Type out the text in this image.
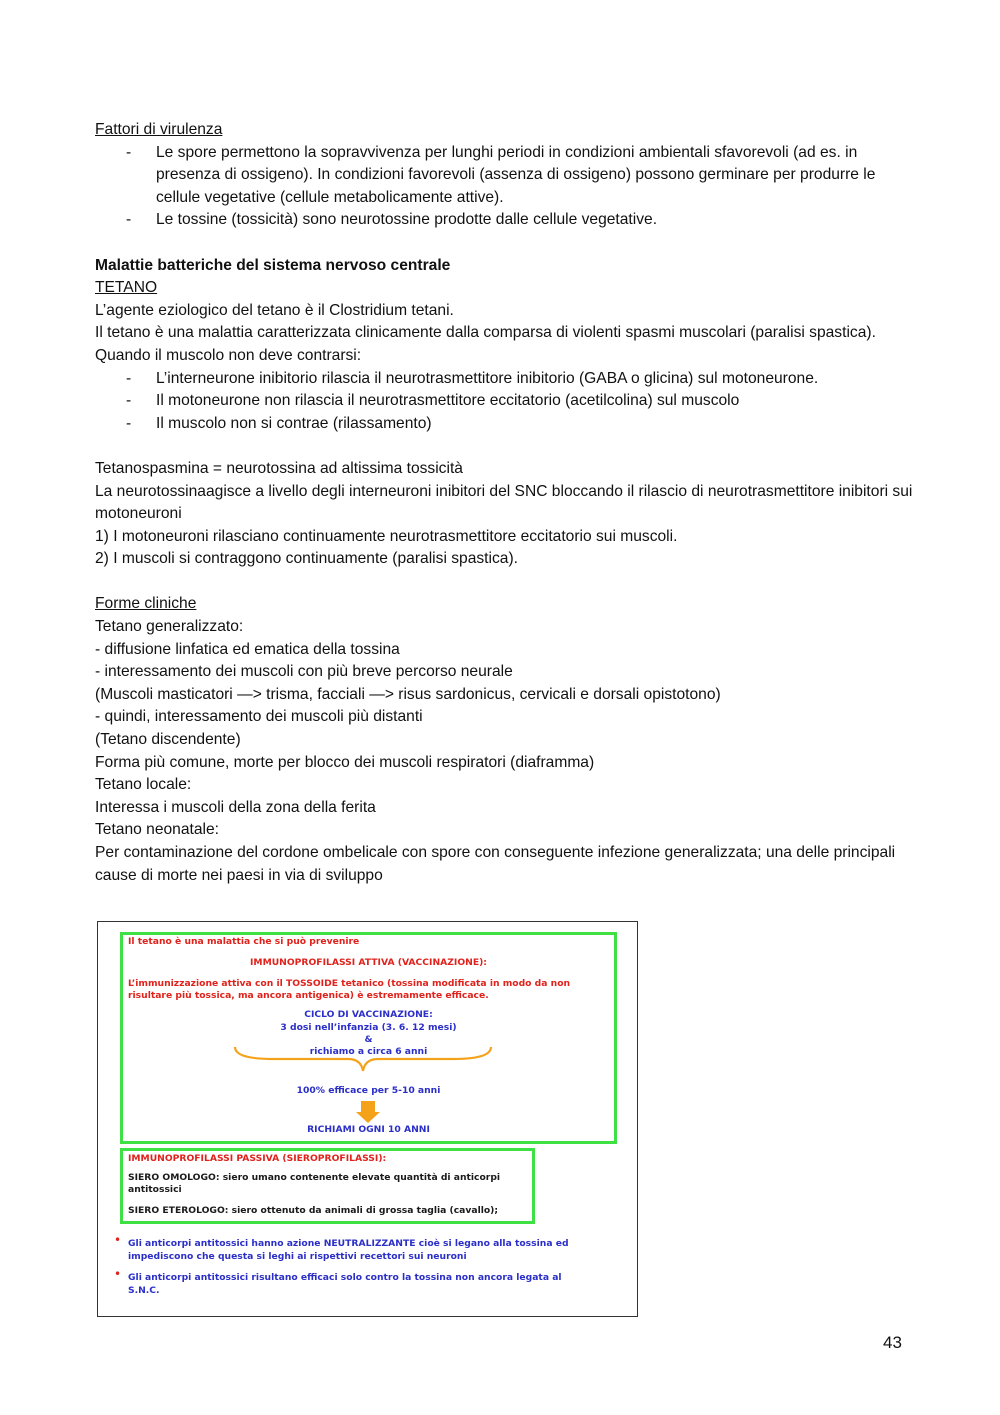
Fattori di virulenza

- Le spore permettono la sopravvivenza per lunghi periodi in condizioni ambientali sfavorevoli (ad es. in presenza di ossigeno). In condizioni favorevoli (assenza di ossigeno) possono germinare per produrre le cellule vegetative (cellule metabolicamente attive).
- Le tossine (tossicità) sono neurotossine prodotte dalle cellule vegetative.

Malattie batteriche del sistema nervoso centrale

TETANO

L’agente eziologico del tetano è il Clostridium tetani.

Il tetano è una malattia caratterizzata clinicamente dalla comparsa di violenti spasmi muscolari (paralisi spastica).

Quando il muscolo non deve contrarsi:

- L’interneurone inibitorio rilascia il neurotrasmettitore inibitorio (GABA o glicina) sul motoneurone.
- Il motoneurone non rilascia il neurotrasmettitore eccitatorio (acetilcolina) sul muscolo
- Il muscolo non si contrae (rilassamento)

Tetanospasmina = neurotossina ad altissima tossicità

La neurotossinaagisce a livello degli interneuroni inibitori del SNC bloccando il rilascio di neurotrasmettitore inibitori sui motoneuroni

1) I motoneuroni rilasciano continuamente neurotrasmettitore eccitatorio sui muscoli.

2) I muscoli si contraggono continuamente (paralisi spastica).

Forme cliniche

Tetano generalizzato:

- diffusione linfatica ed ematica della tossina

- interessamento dei muscoli con più breve percorso neurale

(Muscoli masticatori —> trisma, facciali —> risus sardonicus, cervicali e dorsali opistotono)

- quindi, interessamento dei muscoli più distanti

(Tetano discendente)

Forma più comune, morte per blocco dei muscoli respiratori (diaframma)

Tetano locale:

Interessa i muscoli della zona della ferita

Tetano neonatale:

Per contaminazione del cordone ombelicale con spore con conseguente infezione generalizzata; una delle principali cause di morte nei paesi in via di sviluppo

Il tetano è una malattia che si può prevenire
IMMUNOPROFILASSI ATTIVA (VACCINAZIONE):
L’immunizzazione attiva con il TOSSOIDE tetanico (tossina modificata in modo da non
risultare più tossica, ma ancora antigenica) è estremamente efficace.
CICLO DI VACCINAZIONE:
3 dosi nell’infanzia (3. 6. 12 mesi)
&
richiamo a circa 6 anni
100% efficace per 5-10 anni
RICHIAMI OGNI 10 ANNI
IMMUNOPROFILASSI PASSIVA (SIEROPROFILASSI):
SIERO OMOLOGO: siero umano contenente elevate quantità di anticorpi
antitossici
SIERO ETEROLOGO: siero ottenuto da animali di grossa taglia (cavallo);
• Gli anticorpi antitossici hanno azione NEUTRALIZZANTE cioè si legano alla tossina ed
impediscono che questa si leghi ai rispettivi recettori sui neuroni
• Gli anticorpi antitossici risultano efficaci solo contro la tossina non ancora legata al
S.N.C.
43
